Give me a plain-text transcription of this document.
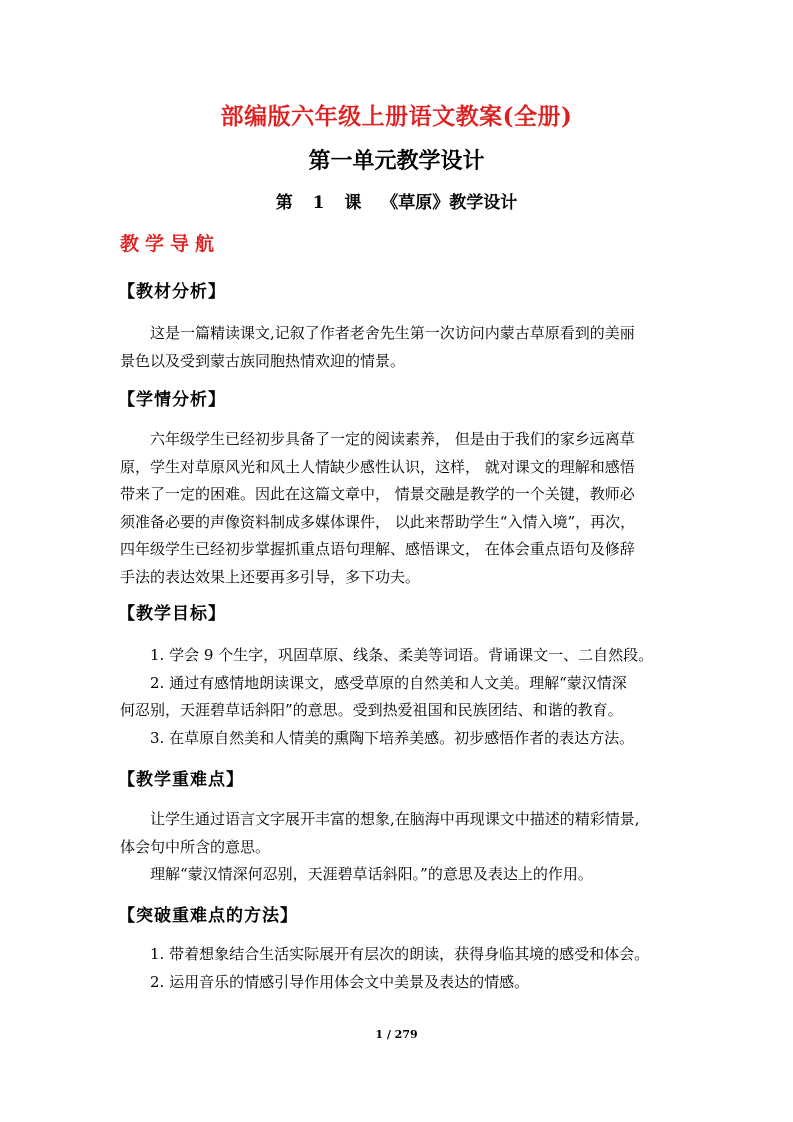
部编版六年级上册语文教案(全册)
第一单元教学设计
第 1 课 《草原》教学设计
教学导航
【教材分析】
这是一篇精读课文,记叙了作者老舍先生第一次访问内蒙古草原看到的美丽
景色以及受到蒙古族同胞热情欢迎的情景。
【学情分析】
六年级学生已经初步具备了一定的阅读素养， 但是由于我们的家乡远离草
原，学生对草原风光和风土人情缺少感性认识，这样， 就对课文的理解和感悟
带来了一定的困难。因此在这篇文章中， 情景交融是教学的一个关键，教师必
须准备必要的声像资料制成多媒体课件， 以此来帮助学生“入情入境”，再次，
四年级学生已经初步掌握抓重点语句理解、感悟课文， 在体会重点语句及修辞
手法的表达效果上还要再多引导，多下功夫。
【教学目标】
1. 学会 9 个生字，巩固草原、线条、柔美等词语。背诵课文一、二自然段。
2. 通过有感情地朗读课文，感受草原的自然美和人文美。理解“蒙汉情深
何忍别，天涯碧草话斜阳”的意思。受到热爱祖国和民族团结、和谐的教育。
3. 在草原自然美和人情美的熏陶下培养美感。初步感悟作者的表达方法。
【教学重难点】
让学生通过语言文字展开丰富的想象,在脑海中再现课文中描述的精彩情景,
体会句中所含的意思。
理解“蒙汉情深何忍别，天涯碧草话斜阳。”的意思及表达上的作用。
【突破重难点的方法】
1. 带着想象结合生活实际展开有层次的朗读，获得身临其境的感受和体会。
2. 运用音乐的情感引导作用体会文中美景及表达的情感。
1 / 279
